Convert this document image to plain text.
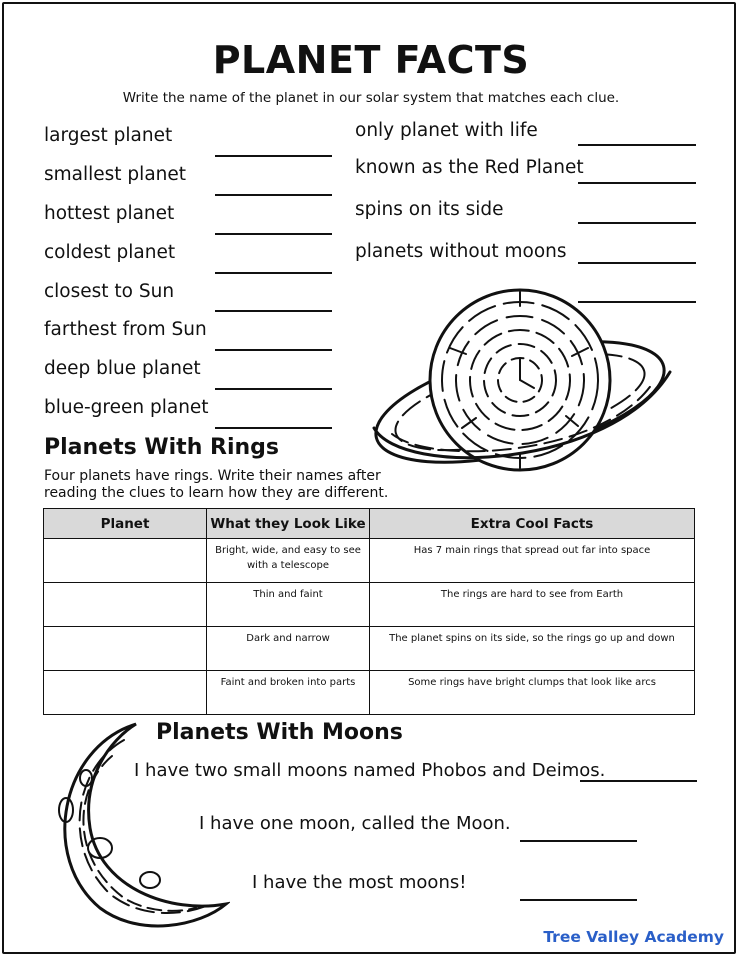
PLANET FACTS
Write the name of the planet in our solar system that matches each clue.
largest planet
smallest planet
hottest planet
coldest planet
closest to Sun
farthest from Sun
deep blue planet
blue-green planet
only planet with life
known as the Red Planet
spins on its side
planets without moons
Planets With Rings
Four planets have rings. Write their names after reading the clues to learn how they are different.
Planet	What they Look Like	Extra Cool Facts
	Bright, wide, and easy to see with a telescope	Has 7 main rings that spread out far into space
	Thin and faint	The rings are hard to see from Earth
	Dark and narrow	The planet spins on its side, so the rings go up and down
	Faint and broken into parts	Some rings have bright clumps that look like arcs
Planets With Moons
I have two small moons named Phobos and Deimos.
I have one moon, called the Moon.
I have the most moons!
Tree Valley Academy
